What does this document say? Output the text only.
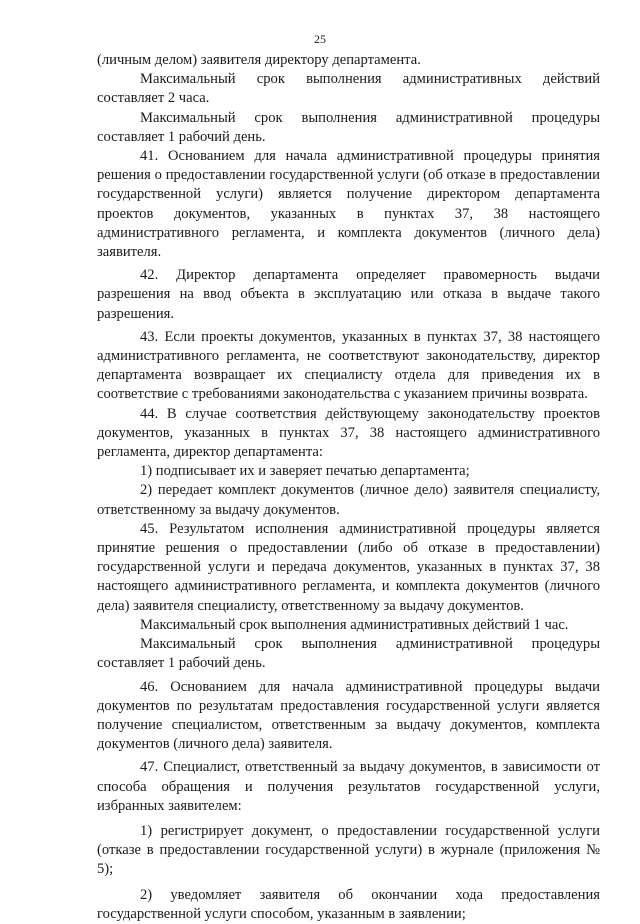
25

(личным делом) заявителя директору департамента.

Максимальный срок выполнения административных действий составляет 2 часа.

Максимальный срок выполнения административной процедуры составляет 1 рабочий день.

41. Основанием для начала административной процедуры принятия решения о предоставлении государственной услуги (об отказе в предоставлении государственной услуги) является получение директором департамента проектов документов, указанных в пунктах 37, 38 настоящего административного регламента, и комплекта документов (личного дела) заявителя.

42. Директор департамента определяет правомерность выдачи разрешения на ввод объекта в эксплуатацию или отказа в выдаче такого разрешения.

43. Если проекты документов, указанных в пунктах 37, 38 настоящего административного регламента, не соответствуют законодательству, директор департамента возвращает их специалисту отдела для приведения их в соответствие с требованиями законодательства с указанием причины возврата.

44. В случае соответствия действующему законодательству проектов документов, указанных в пунктах 37, 38 настоящего административного регламента, директор департамента:

1) подписывает их и заверяет печатью департамента;

2) передает комплект документов (личное дело) заявителя специалисту, ответственному за выдачу документов.

45. Результатом исполнения административной процедуры является принятие решения о предоставлении (либо об отказе в предоставлении) государственной услуги и передача документов, указанных в пунктах 37, 38 настоящего административного регламента, и комплекта документов (личного дела) заявителя специалисту, ответственному за выдачу документов.

Максимальный срок выполнения административных действий 1 час.

Максимальный срок выполнения административной процедуры составляет 1 рабочий день.

46. Основанием для начала административной процедуры выдачи документов по результатам предоставления государственной услуги является получение специалистом, ответственным за выдачу документов, комплекта документов (личного дела) заявителя.

47. Специалист, ответственный за выдачу документов, в зависимости от способа обращения и получения результатов государственной услуги, избранных заявителем:

1) регистрирует документ, о предоставлении государственной услуги (отказе в предоставлении государственной услуги) в журнале (приложения № 5);

2) уведомляет заявителя об окончании хода предоставления государственной услуги способом, указанным в заявлении;
